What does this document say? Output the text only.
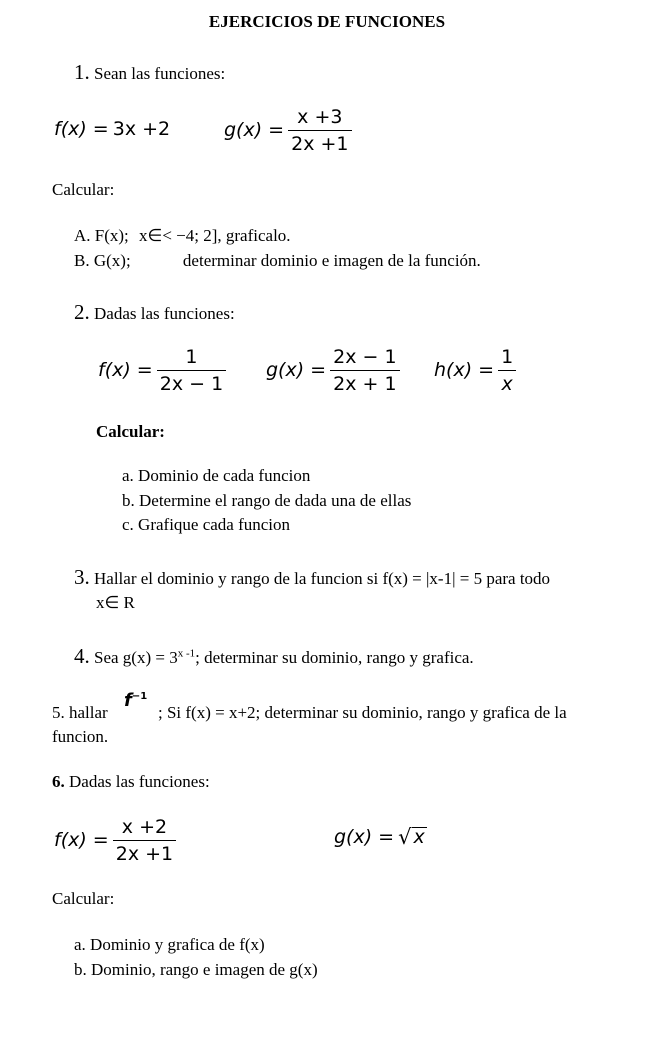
EJERCICIOS DE FUNCIONES
1. Sean las funciones:
f(x) = 3x +2	$g(x) = \frac{x +3}{2x +1}$
Calcular:
A. F(x); x∈< −4; 2], graficalo.
B. G(x);	determinar dominio e imagen de la función.
2. Dadas las funciones:
$f(x) = \frac{1}{2x - 1} g(x) = \frac{2x - 1}{2x + 1} h(x) = \frac{1}{x}$
Calcular:
a. Dominio de cada funcion
b. Determine el rango de dada una de ellas
c. Grafique cada funcion
3. Hallar el dominio y rango de la funcion si f(x) = |x-1| = 5 para todo
x∈ R
4. Sea $g(x) = 3^{x -1}$; determinar su dominio, rango y grafica.
5. hallar
$f^{-1}$
; Si f(x) = x+2; determinar su dominio, rango y grafica de la
funcion.
6. Dadas las funciones:
$f(x) = \frac{x +2}{2x +1}$	g(x) = √ x
Calcular:
a. Dominio y grafica de f(x)
b. Dominio, rango e imagen de g(x)
